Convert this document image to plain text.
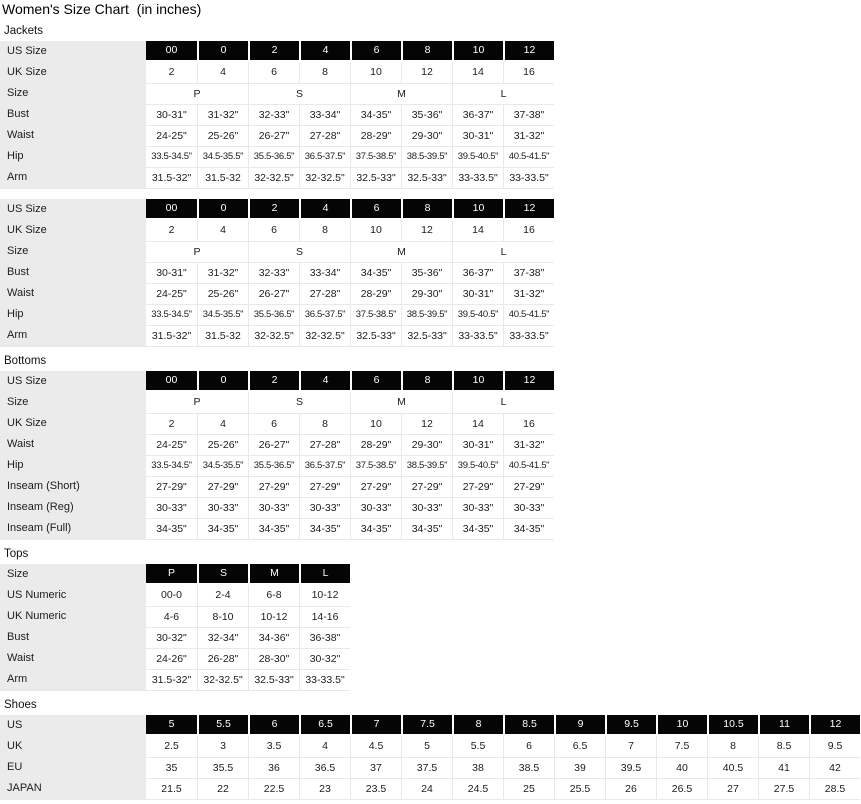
Women's Size Chart  (in inches)
Jackets
US Size	00	0	2	4	6	8	10	12
UK Size	2	4	6	8	10	12	14	16
Size	P		S		M		L	
Bust	30-31"	31-32"	32-33"	33-34"	34-35"	35-36"	36-37"	37-38"
Waist	24-25"	25-26"	26-27"	27-28"	28-29"	29-30"	30-31"	31-32"
Hip	33.5-34.5"	34.5-35.5"	35.5-36.5"	36.5-37.5"	37.5-38.5"	38.5-39.5"	39.5-40.5"	40.5-41.5"
Arm	31.5-32"	31.5-32	32-32.5"	32-32.5"	32.5-33"	32.5-33"	33-33.5"	33-33.5"
US Size	00	0	2	4	6	8	10	12
UK Size	2	4	6	8	10	12	14	16
Size	P		S		M		L	
Bust	30-31"	31-32"	32-33"	33-34"	34-35"	35-36"	36-37"	37-38"
Waist	24-25"	25-26"	26-27"	27-28"	28-29"	29-30"	30-31"	31-32"
Hip	33.5-34.5"	34.5-35.5"	35.5-36.5"	36.5-37.5"	37.5-38.5"	38.5-39.5"	39.5-40.5"	40.5-41.5"
Arm	31.5-32"	31.5-32	32-32.5"	32-32.5"	32.5-33"	32.5-33"	33-33.5"	33-33.5"
Bottoms
US Size	00	0	2	4	6	8	10	12
Size	P		S		M		L	
UK Size	2	4	6	8	10	12	14	16
Waist	24-25"	25-26"	26-27"	27-28"	28-29"	29-30"	30-31"	31-32"
Hip	33.5-34.5"	34.5-35.5"	35.5-36.5"	36.5-37.5"	37.5-38.5"	38.5-39.5"	39.5-40.5"	40.5-41.5"
Inseam (Short)	27-29"	27-29"	27-29"	27-29"	27-29"	27-29"	27-29"	27-29"
Inseam (Reg)	30-33"	30-33"	30-33"	30-33"	30-33"	30-33"	30-33"	30-33"
Inseam (Full)	34-35"	34-35"	34-35"	34-35"	34-35"	34-35"	34-35"	34-35"
Tops
Size	P	S	M	L
US Numeric	00-0	2-4	6-8	10-12
UK Numeric	4-6	8-10	10-12	14-16
Bust	30-32"	32-34"	34-36"	36-38"
Waist	24-26"	26-28"	28-30"	30-32"
Arm	31.5-32"	32-32.5"	32.5-33"	33-33.5"
Shoes
US	5	5.5	6	6.5	7	7.5	8	8.5	9	9.5	10	10.5	11	12
UK	2.5	3	3.5	4	4.5	5	5.5	6	6.5	7	7.5	8	8.5	9.5
EU	35	35.5	36	36.5	37	37.5	38	38.5	39	39.5	40	40.5	41	42
JAPAN	21.5	22	22.5	23	23.5	24	24.5	25	25.5	26	26.5	27	27.5	28.5
